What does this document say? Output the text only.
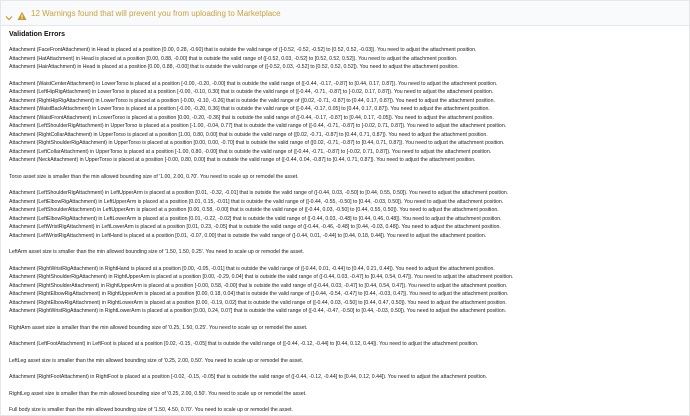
12 Warnings found that will prevent you from uploading to Marketplace
Validation Errors
Attachment (FaceFrontAttachment) in Head is placed at a position [0.00, 0.28, -0.60] that is outside the valid range of ([-0.52, -0.52, -0.52] to [0.52, 0.52, -0.03]). You need to adjust the attachment position.
Attachment (HatAttachment) in Head is placed at a position [0.00, 0.88, -0.00] that is outside the valid range of ([-0.52, 0.03, -0.52] to [0.52, 0.52, 0.52]). You need to adjust the attachment position.
Attachment (HairAttachment) in Head is placed at a position [0.00, 0.88, -0.00] that is outside the valid range of ([-0.52, 0.03, -0.52] to [0.52, 0.52, 0.52]). You need to adjust the attachment position.
Attachment (WaistCenterAttachment) in LowerTorso is placed at a position [-0.00, -0.20, -0.00] that is outside the valid range of ([-0.44, -0.17, -0.87] to [0.44, 0.17, 0.87]). You need to adjust the attachment position.
Attachment (LeftHipRigAttachment) in LowerTorso is placed at a position [-0.00, -0.10, 0.30] that is outside the valid range of ([-0.44, -0.71, -0.87] to [-0.02, 0.17, 0.87]). You need to adjust the attachment position.
Attachment (RightHipRigAttachment) in LowerTorso is placed at a position [-0.00, -0.10, -0.26] that is outside the valid range of ([0.02, -0.71, -0.87] to [0.44, 0.17, 0.87]). You need to adjust the attachment position.
Attachment (WaistBackAttachment) in LowerTorso is placed at a position [-0.00, -0.20, 0.36] that is outside the valid range of ([-0.44, -0.17, 0.05] to [0.44, 0.17, 0.87]). You need to adjust the attachment position.
Attachment (WaistFrontAttachment) in LowerTorso is placed at a position [0.00, -0.20, -0.36] that is outside the valid range of ([-0.44, -0.17, -0.87] to [0.44, 0.17, -0.05]). You need to adjust the attachment position.
Attachment (LeftShoulderRigAttachment) in UpperTorso is placed at a position [-1.00, -0.04, 0.77] that is outside the valid range of ([-0.44, -0.71, -0.87] to [-0.02, 0.71, 0.87]). You need to adjust the attachment position.
Attachment (RightCollarAttachment) in UpperTorso is placed at a position [1.00, 0.80, 0.00] that is outside the valid range of ([0.02, -0.71, -0.87] to [0.44, 0.71, 0.87]). You need to adjust the attachment position.
Attachment (RightShoulderRigAttachment) in UpperTorso is placed at a position [0.00, 0.00, -0.70] that is outside the valid range of ([0.02, -0.71, -0.87] to [0.44, 0.71, 0.87]). You need to adjust the attachment position.
Attachment (LeftCollarAttachment) in UpperTorso is placed at a position [-1.00, 0.80, -0.00] that is outside the valid range of ([-0.44, -0.71, -0.87] to [-0.02, 0.71, 0.87]). You need to adjust the attachment position.
Attachment (NeckAttachment) in UpperTorso is placed at a position [-0.00, 0.80, 0.00] that is outside the valid range of ([-0.44, 0.04, -0.87] to [0.44, 0.71, 0.87]). You need to adjust the attachment position.
Torso asset size is smaller than the min allowed bounding size of '1.00, 2.00, 0.70'. You need to scale up or remodel the asset.
Attachment (LeftShoulderRigAttachment) in LeftUpperArm is placed at a position [0.01, -0.32, -0.01] that is outside the valid range of ([-0.44, 0.03, -0.50] to [0.44, 0.55, 0.50]). You need to adjust the attachment position.
Attachment (LeftElbowRigAttachment) in LeftUpperArm is placed at a position [0.01, 0.15, -0.01] that is outside the valid range of ([-0.44, -0.55, -0.50] to [0.44, -0.03, 0.50]). You need to adjust the attachment position.
Attachment (LeftShoulderAttachment) in LeftUpperArm is placed at a position [0.00, 0.58, -0.00] that is outside the valid range of ([-0.44, 0.03, -0.50] to [0.44, 0.55, 0.50]). You need to adjust the attachment position.
Attachment (LeftElbowRigAttachment) in LeftLowerArm is placed at a position [0.01, -0.22, -0.02] that is outside the valid range of ([-0.44, 0.03, -0.48] to [0.44, 0.46, 0.48]). You need to adjust the attachment position.
Attachment (LeftWristRigAttachment) in LeftLowerArm is placed at a position [0.01, 0.23, -0.05] that is outside the valid range of ([-0.44, -0.46, -0.48] to [0.44, -0.03, 0.48]). You need to adjust the attachment position.
Attachment (LeftWristRigAttachment) in LeftHand is placed at a position [0.01, -0.07, 0.00] that is outside the valid range of ([-0.44, 0.01, -0.44] to [0.44, 0.18, 0.44]). You need to adjust the attachment position.
LeftArm asset size is smaller than the min allowed bounding size of '1.50, 1.50, 0.25'. You need to scale up or remodel the asset.
Attachment (RightWristRigAttachment) in RightHand is placed at a position [0.00, -0.05, -0.01] that is outside the valid range of ([-0.44, 0.01, -0.44] to [0.44, 0.21, 0.44]). You need to adjust the attachment position.
Attachment (RightShoulderRigAttachment) in RightUpperArm is placed at a position [0.00, -0.29, 0.04] that is outside the valid range of ([-0.44, 0.03, -0.47] to [0.44, 0.54, 0.47]). You need to adjust the attachment position.
Attachment (RightShoulderAttachment) in RightUpperArm is placed at a position [-0.00, 0.58, -0.00] that is outside the valid range of ([-0.44, 0.03, -0.47] to [0.44, 0.54, 0.47]). You need to adjust the attachment position.
Attachment (RightElbowRigAttachment) in RightUpperArm is placed at a position [0.00, 0.18, 0.04] that is outside the valid range of ([-0.44, -0.54, -0.47] to [0.44, -0.03, 0.47]). You need to adjust the attachment position.
Attachment (RightElbowRigAttachment) in RightLowerArm is placed at a position [0.00, -0.19, 0.02] that is outside the valid range of ([-0.44, 0.03, -0.50] to [0.44, 0.47, 0.50]). You need to adjust the attachment position.
Attachment (RightWristRigAttachment) in RightLowerArm is placed at a position [0.00, 0.24, 0.07] that is outside the valid range of ([-0.44, -0.47, -0.50] to [0.44, -0.03, 0.50]). You need to adjust the attachment position.
RightArm asset size is smaller than the min allowed bounding size of '0.25, 1.50, 0.25'. You need to scale up or remodel the asset.
Attachment (LeftFootAttachment) in LeftFoot is placed at a position [0.02, -0.15, -0.05] that is outside the valid range of ([-0.44, -0.12, -0.44] to [0.44, 0.12, 0.44]). You need to adjust the attachment position.
LeftLeg asset size is smaller than the min allowed bounding size of '0.25, 2.00, 0.50'. You need to scale up or remodel the asset.
Attachment (RightFootAttachment) in RightFoot is placed at a position [-0.02, -0.15, -0.05] that is outside the valid range of ([-0.44, -0.12, -0.44] to [0.44, 0.12, 0.44]). You need to adjust the attachment position.
RightLeg asset size is smaller than the min allowed bounding size of '0.25, 2.00, 0.50'. You need to scale up or remodel the asset.
Full body size is smaller than the min allowed bounding size of '1.50, 4.50, 0.70'. You need to scale up or remodel the asset.
